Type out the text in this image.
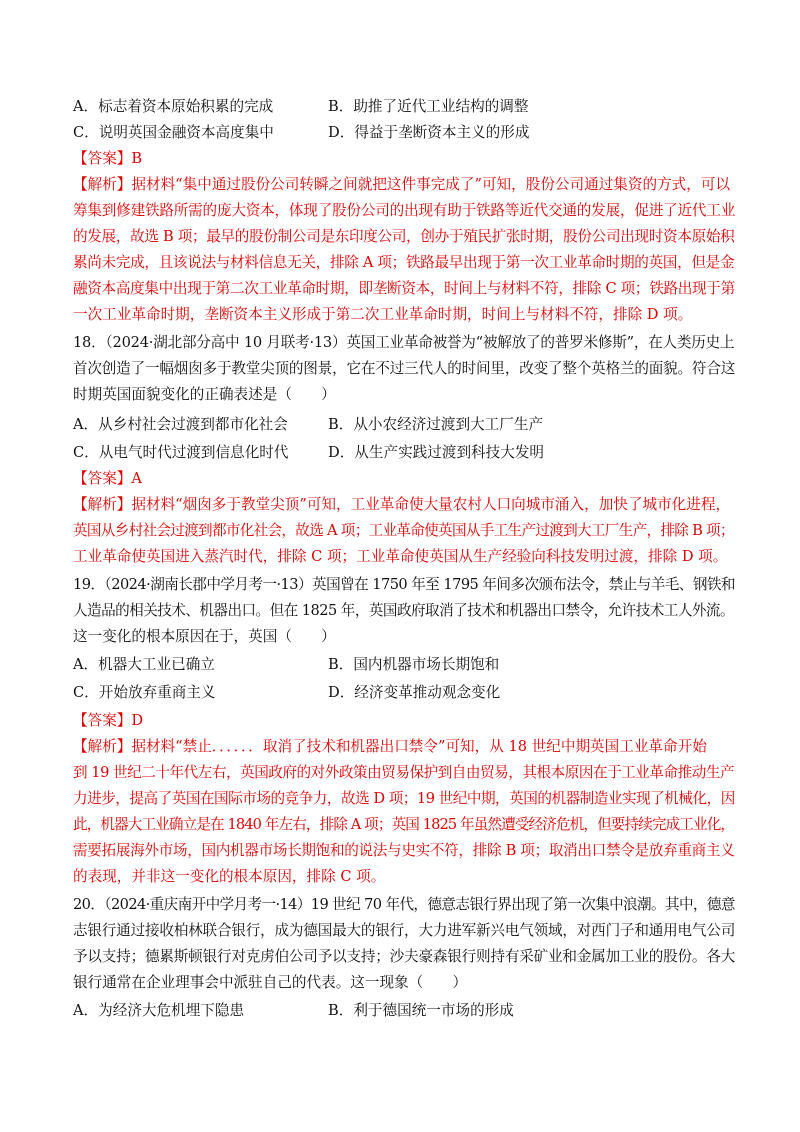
A．标志着资本原始积累的完成	B．助推了近代工业结构的调整
C．说明英国金融资本高度集中	D．得益于垄断资本主义的形成
【答案】B
【解析】据材料“集中通过股份公司转瞬之间就把这件事完成了”可知，股份公司通过集资的方式，可以
筹集到修建铁路所需的庞大资本，体现了股份公司的出现有助于铁路等近代交通的发展，促进了近代工业
的发展，故选 B 项；最早的股份制公司是东印度公司，创办于殖民扩张时期，股份公司出现时资本原始积
累尚未完成，且该说法与材料信息无关，排除 A 项；铁路最早出现于第一次工业革命时期的英国，但是金
融资本高度集中出现于第二次工业革命时期，即垄断资本，时间上与材料不符，排除 C 项；铁路出现于第
一次工业革命时期，垄断资本主义形成于第二次工业革命时期，时间上与材料不符，排除 D 项。
18．（2024·湖北部分高中 10 月联考·13）英国工业革命被誉为“被解放了的普罗米修斯”，在人类历史上
首次创造了一幅烟囱多于教堂尖顶的图景，它在不过三代人的时间里，改变了整个英格兰的面貌。符合这
时期英国面貌变化的正确表述是（　　）
A．从乡村社会过渡到都市化社会	B．从小农经济过渡到大工厂生产
C．从电气时代过渡到信息化时代	D．从生产实践过渡到科技大发明
【答案】A
【解析】据材料“烟囱多于教堂尖顶”可知，工业革命使大量农村人口向城市涌入，加快了城市化进程，
英国从乡村社会过渡到都市化社会，故选 A 项；工业革命使英国从手工生产过渡到大工厂生产，排除 B 项；
工业革命使英国进入蒸汽时代，排除 C 项；工业革命使英国从生产经验向科技发明过渡，排除 D 项。
19．（2024·湖南长郡中学月考一·13）英国曾在 1750 年至 1795 年间多次颁布法令，禁止与羊毛、钢铁和
人造品的相关技术、机器出口。但在 1825 年，英国政府取消了技术和机器出口禁令，允许技术工人外流。
这一变化的根本原因在于，英国（　　）
A．机器大工业已确立	B．国内机器市场长期饱和
C．开始放弃重商主义	D．经济变革推动观念变化
【答案】D
【解析】据材料“禁止．．．．．．取消了技术和机器出口禁令”可知，从 18 世纪中期英国工业革命开始
到 19 世纪二十年代左右，英国政府的对外政策由贸易保护到自由贸易，其根本原因在于工业革命推动生产
力进步，提高了英国在国际市场的竞争力，故选 D 项；19 世纪中期，英国的机器制造业实现了机械化，因
此，机器大工业确立是在 1840 年左右，排除 A 项；英国 1825 年虽然遭受经济危机，但要持续完成工业化，
需要拓展海外市场，国内机器市场长期饱和的说法与史实不符，排除 B 项；取消出口禁令是放弃重商主义
的表现，并非这一变化的根本原因，排除 C 项。
20．（2024·重庆南开中学月考一·14）19 世纪 70 年代，德意志银行界出现了第一次集中浪潮。其中，德意
志银行通过接收柏林联合银行，成为德国最大的银行，大力进军新兴电气领域，对西门子和通用电气公司
予以支持；德累斯顿银行对克虏伯公司予以支持；沙夫豪森银行则持有采矿业和金属加工业的股份。各大
银行通常在企业理事会中派驻自己的代表。这一现象（　　）
A．为经济大危机埋下隐患	B．利于德国统一市场的形成
